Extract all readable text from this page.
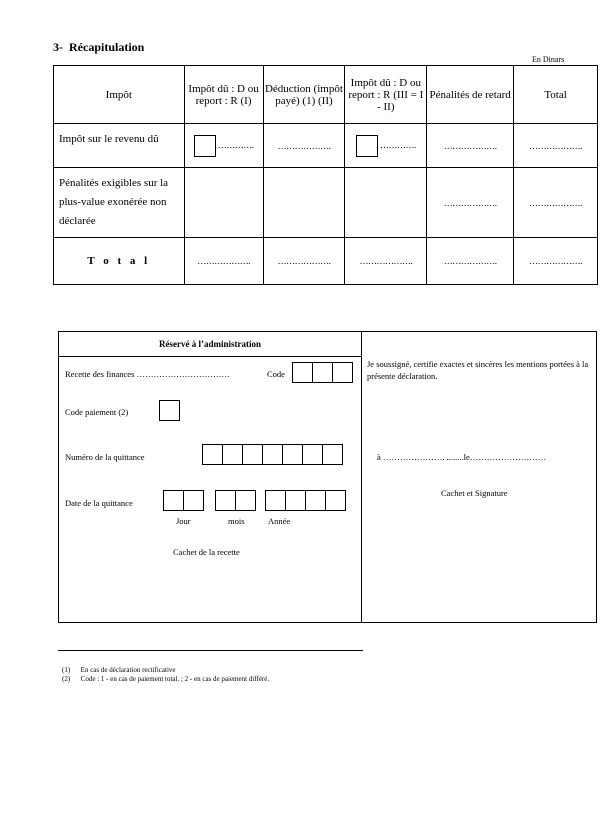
3- Récapitulation
En Dinars
Impôt	Impôt dû : D ou report : R (I)	Déduction (impôt payé) (1) (II)	Impôt dû : D ou report : R (III = I - II)	Pénalités de retard	Total
Impôt sur le revenu dû	………….	……………….	………….	……………….	……………….
Pénalités exigibles sur la plus-value exonérée non déclarée				……………….	……………….
T o t a l	……………….	……………….	……………….	……………….	……………….
Réservé à l’administration
Recette des finances ……………………………	Code
Code paiement (2)
Numéro de la quittance
Date de la quittance
Jour	mois	Année
Cachet de la recette
Je soussigné, certifie exactes et sincères les mentions portées à la présente déclaration.
à …………………. ........le………………………
Cachet et Signature
(1) En cas de déclaration rectificative
(2) Code : 1 - en cas de paiement total. ; 2 - en cas de paiement différé.
